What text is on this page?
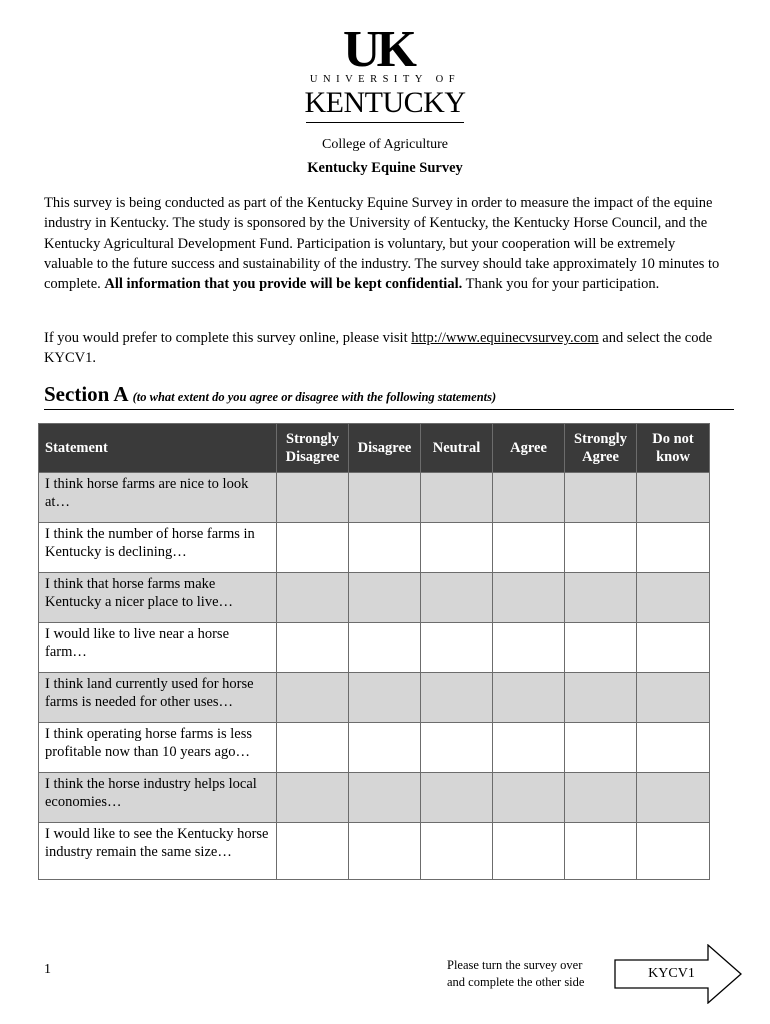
UK
UNIVERSITY OF
KENTUCKY
College of Agriculture
Kentucky Equine Survey
This survey is being conducted as part of the Kentucky Equine Survey in order to measure the impact of the equine industry in Kentucky. The study is sponsored by the University of Kentucky, the Kentucky Horse Council, and the Kentucky Agricultural Development Fund. Participation is voluntary, but your cooperation will be extremely valuable to the future success and sustainability of the industry. The survey should take approximately 10 minutes to complete. All information that you provide will be kept confidential. Thank you for your participation.
If you would prefer to complete this survey online, please visit http://www.equinecvsurvey.com and select the code KYCV1.
Section A (to what extent do you agree or disagree with the following statements)
Statement	Strongly Disagree	Disagree	Neutral	Agree	Strongly Agree	Do not know
I think horse farms are nice to look at…						
I think the number of horse farms in Kentucky is declining…						
I think that horse farms make Kentucky a nicer place to live…						
I would like to live near a horse farm…						
I think land currently used for horse farms is needed for other uses…						
I think operating horse farms is less profitable now than 10 years ago…						
I think the horse industry helps local economies…						
I would like to see the Kentucky horse industry remain the same size…						
1	Please turn the survey over
and complete the other side
KYCV1
